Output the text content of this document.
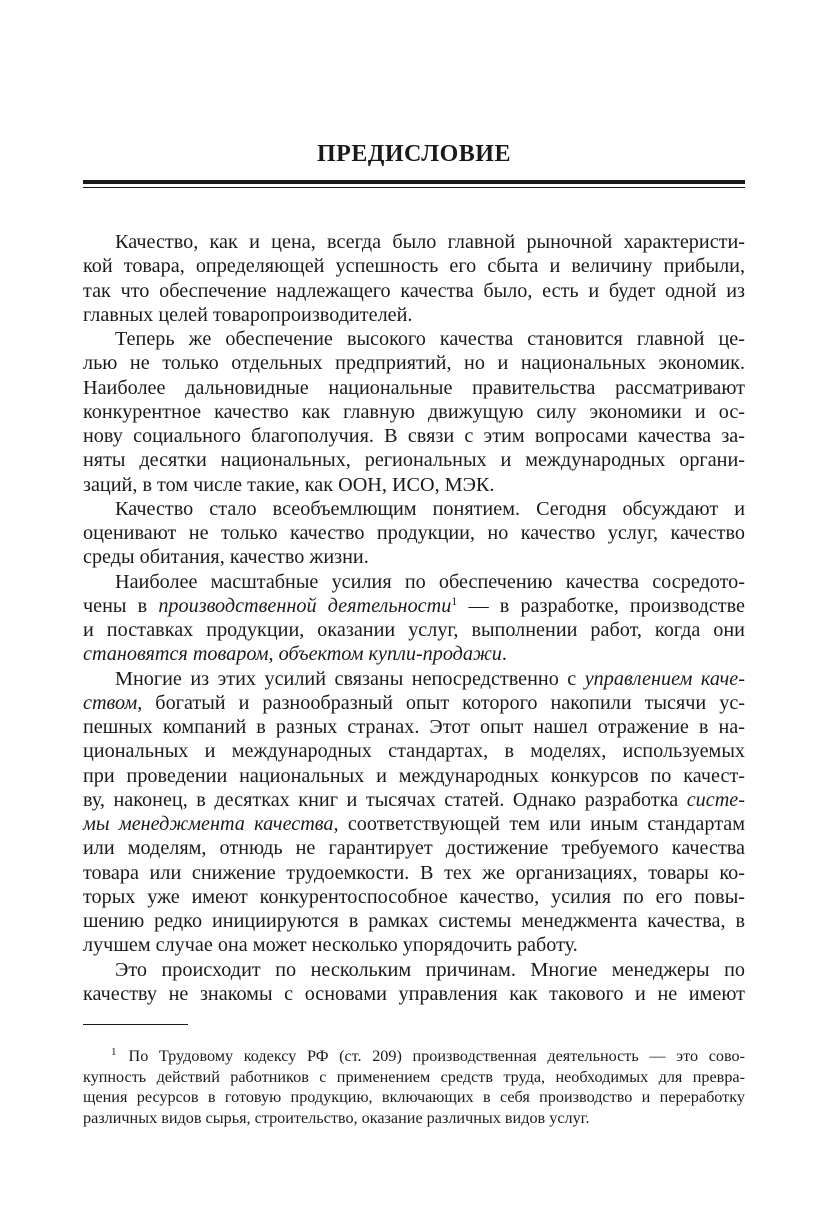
ПРЕДИСЛОВИЕ

Качество, как и цена, всегда было главной рыночной характеристи-
кой товара, определяющей успешность его сбыта и величину прибыли,
так что обеспечение надлежащего качества было, есть и будет одной из
главных целей товаропроизводителей.

Теперь же обеспечение высокого качества становится главной це-
лью не только отдельных предприятий, но и национальных экономик.
Наиболее дальновидные национальные правительства рассматривают
конкурентное качество как главную движущую силу экономики и ос-
нову социального благополучия. В связи с этим вопросами качества за-
няты десятки национальных, региональных и международных органи-
заций, в том числе такие, как ООН, ИСО, МЭК.

Качество стало всеобъемлющим понятием. Сегодня обсуждают и
оценивают не только качество продукции, но качество услуг, качество
среды обитания, качество жизни.

Наиболее масштабные усилия по обеспечению качества сосредото-
чены в производственной деятельности$^1$ — в разработке, производстве
и поставках продукции, оказании услуг, выполнении работ, когда они
становятся товаром, объектом купли-продажи.

Многие из этих усилий связаны непосредственно с управлением каче-
ством, богатый и разнообразный опыт которого накопили тысячи ус-
пешных компаний в разных странах. Этот опыт нашел отражение в на-
циональных и международных стандартах, в моделях, используемых
при проведении национальных и международных конкурсов по качест-
ву, наконец, в десятках книг и тысячах статей. Однако разработка систе-
мы менеджмента качества, соответствующей тем или иным стандартам
или моделям, отнюдь не гарантирует достижение требуемого качества
товара или снижение трудоемкости. В тех же организациях, товары ко-
торых уже имеют конкурентоспособное качество, усилия по его повы-
шению редко инициируются в рамках системы менеджмента качества, в
лучшем случае она может несколько упорядочить работу.

Это происходит по нескольким причинам. Многие менеджеры по
качеству не знакомы с основами управления как такового и не имеют

$^1$ По Трудовому кодексу РФ (ст. 209) производственная деятельность — это сово-
купность действий работников с применением средств труда, необходимых для превра-
щения ресурсов в готовую продукцию, включающих в себя производство и переработку
различных видов сырья, строительство, оказание различных видов услуг.
